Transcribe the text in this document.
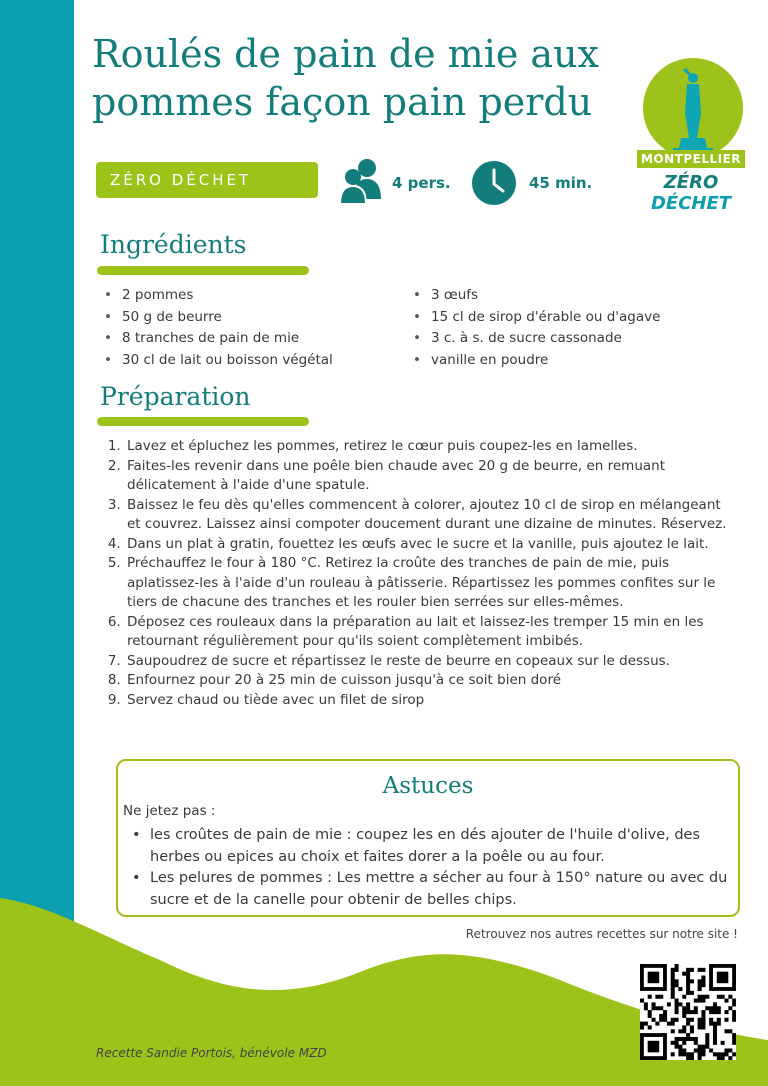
Roulés de pain de mie aux
pommes façon pain perdu
MONTPELLIER
ZÉRO DÉCHET
ZÉRO DÉCHET	4 pers.	45 min.
Ingrédients
• 2 pommes
• 50 g de beurre
• 8 tranches de pain de mie
• 30 cl de lait ou boisson végétal
• 3 œufs
• 15 cl de sirop d'érable ou d'agave
• 3 c. à s. de sucre cassonade
• vanille en poudre
Préparation
1. Lavez et épluchez les pommes, retirez le cœur puis coupez-les en lamelles.
2. Faites-les revenir dans une poêle bien chaude avec 20 g de beurre, en remuant délicatement à l'aide d'une spatule.
3. Baissez le feu dès qu'elles commencent à colorer, ajoutez 10 cl de sirop en mélangeant et couvrez. Laissez ainsi compoter doucement durant une dizaine de minutes. Réservez.
4. Dans un plat à gratin, fouettez les œufs avec le sucre et la vanille, puis ajoutez le lait.
5. Préchauffez le four à 180 °C. Retirez la croûte des tranches de pain de mie, puis aplatissez-les à l'aide d'un rouleau à pâtisserie. Répartissez les pommes confites sur le tiers de chacune des tranches et les rouler bien serrées sur elles-mêmes.
6. Déposez ces rouleaux dans la préparation au lait et laissez-les tremper 15 min en les retournant régulièrement pour qu'ils soient complètement imbibés.
7. Saupoudrez de sucre et répartissez le reste de beurre en copeaux sur le dessus.
8. Enfournez pour 20 à 25 min de cuisson jusqu'à ce soit bien doré
9. Servez chaud ou tiède avec un filet de sirop
Astuces
Ne jetez pas :
• les croûtes de pain de mie : coupez les en dés ajouter de l'huile d'olive, des herbes ou epices au choix et faites dorer a la poêle ou au four.
• Les pelures de pommes : Les mettre a sécher au four à 150° nature ou avec du sucre et de la canelle pour obtenir de belles chips.
Retrouvez nos autres recettes sur notre site !
Recette Sandie Portois, bénévole MZD
